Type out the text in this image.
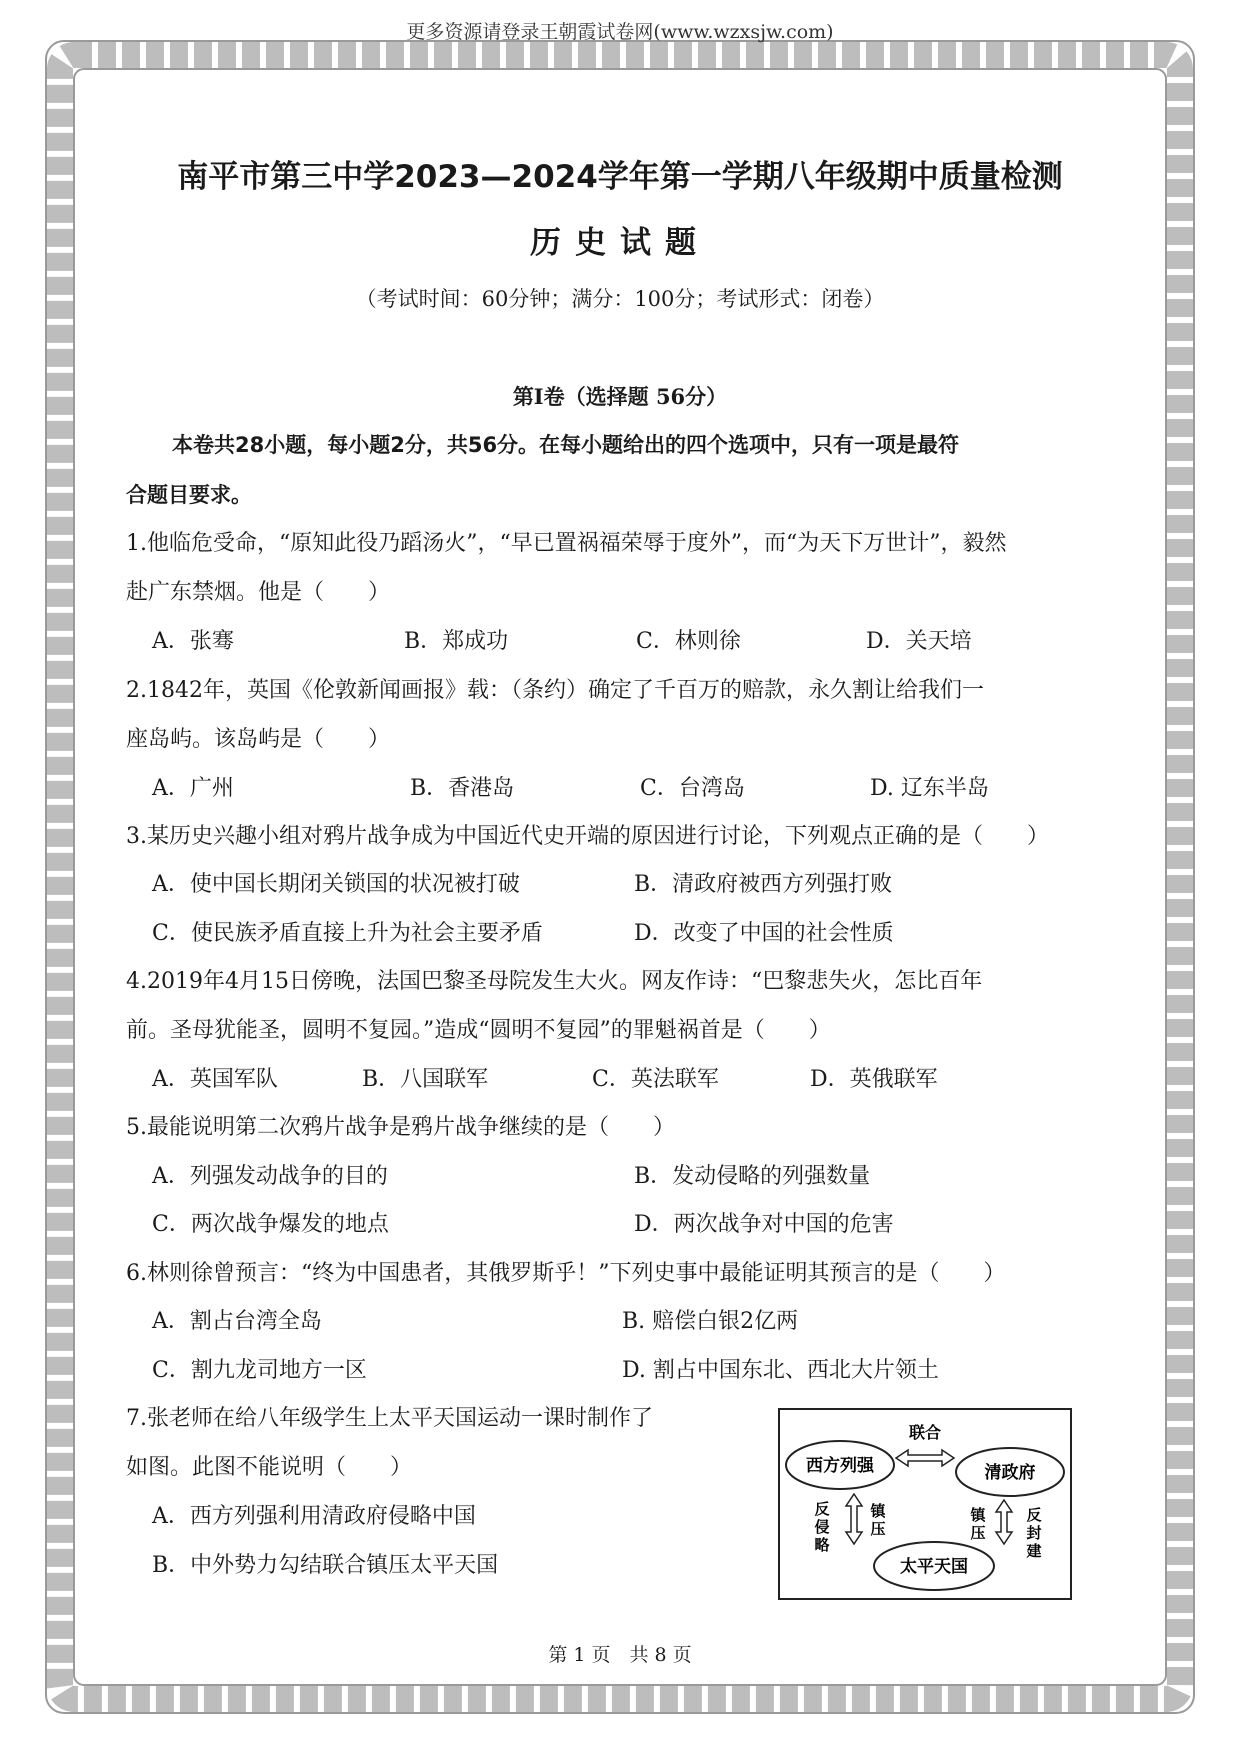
更多资源请登录王朝霞试卷网(www.wzxsjw.com)
南平市第三中学2023—2024学年第一学期八年级期中质量检测
历史试题
（考试时间：60分钟；满分：100分；考试形式：闭卷）
第I卷（选择题 56分）
本卷共28小题，每小题2分，共56分。在每小题给出的四个选项中，只有一项是最符
合题目要求。
1.他临危受命，“原知此役乃蹈汤火”，“早已置祸福荣辱于度外”，而“为天下万世计”，毅然
赴广东禁烟。他是（　　）
A．张骞	B．郑成功	C．林则徐	D．关天培
2.1842年，英国《伦敦新闻画报》载：（条约）确定了千百万的赔款，永久割让给我们一
座岛屿。该岛屿是（　　）
A．广州	B．香港岛	C．台湾岛	D. 辽东半岛
3.某历史兴趣小组对鸦片战争成为中国近代史开端的原因进行讨论，下列观点正确的是（　　）
A．使中国长期闭关锁国的状况被打破	B．清政府被西方列强打败
C．使民族矛盾直接上升为社会主要矛盾	D．改变了中国的社会性质
4.2019年4月15日傍晚，法国巴黎圣母院发生大火。网友作诗：“巴黎悲失火，怎比百年
前。圣母犹能圣，圆明不复园。”造成“圆明不复园”的罪魁祸首是（　　）
A．英国军队	B．八国联军	C．英法联军	D．英俄联军
5.最能说明第二次鸦片战争是鸦片战争继续的是（　　）
A．列强发动战争的目的	B．发动侵略的列强数量
C．两次战争爆发的地点	D．两次战争对中国的危害
6.林则徐曾预言：“终为中国患者，其俄罗斯乎！”下列史事中最能证明其预言的是（　　）
A．割占台湾全岛	B. 赔偿白银2亿两
C．割九龙司地方一区	D. 割占中国东北、西北大片领土
7.张老师在给八年级学生上太平天国运动一课时制作了
如图。此图不能说明（　　）
A．西方列强利用清政府侵略中国
B．中外势力勾结联合镇压太平天国
西方列强	清政府
太平天国
联合
反侵略
镇压
镇压
反封建
第 1 页　共 8 页
